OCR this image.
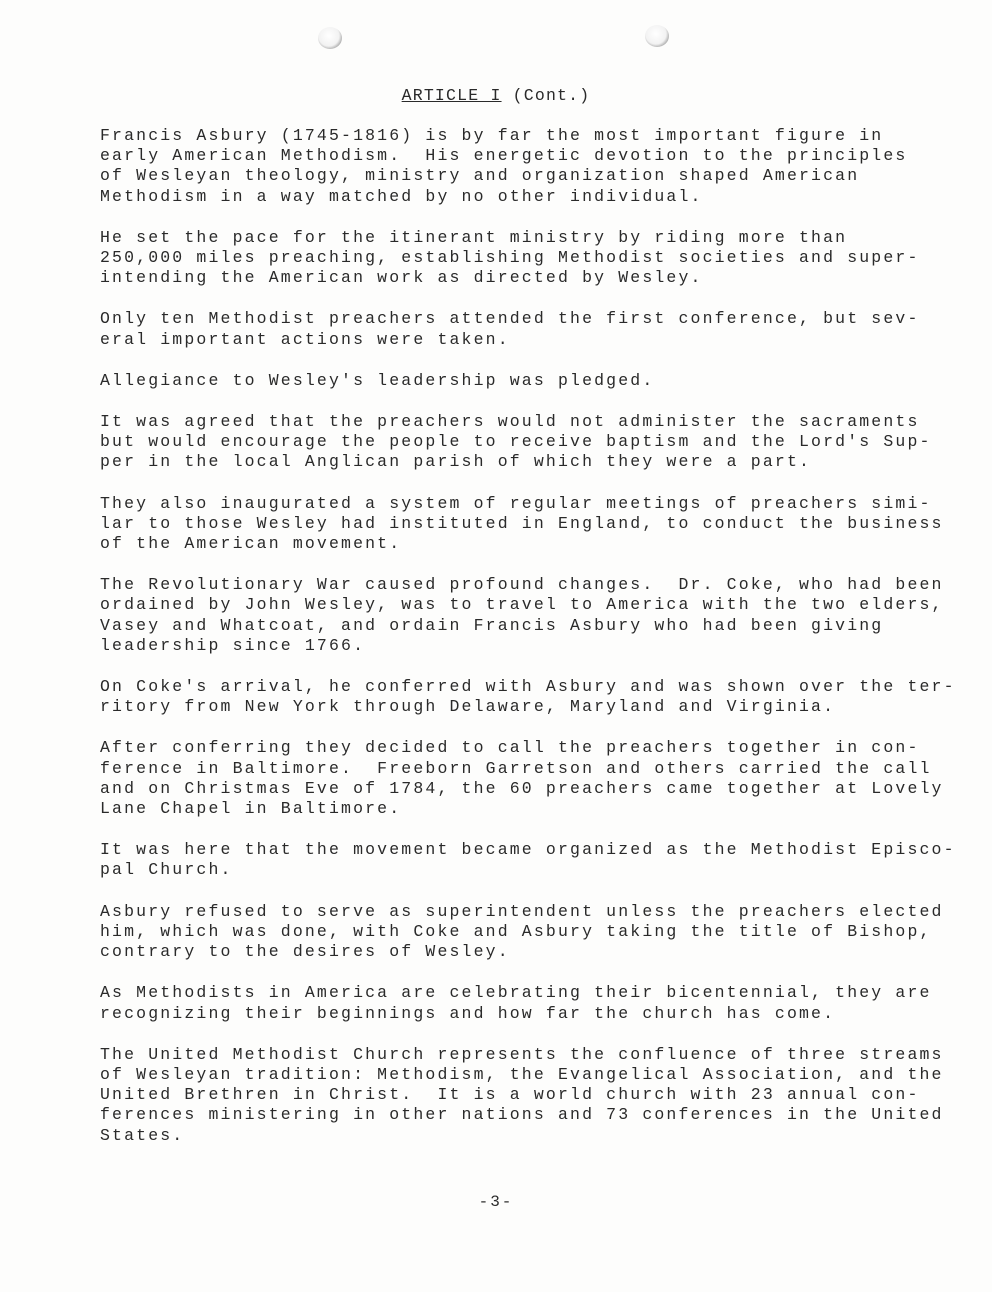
ARTICLE I (Cont.)

Francis Asbury (1745-1816) is by far the most important figure in
early American Methodism.  His energetic devotion to the principles
of Wesleyan theology, ministry and organization shaped American
Methodism in a way matched by no other individual.

He set the pace for the itinerant ministry by riding more than
250,000 miles preaching, establishing Methodist societies and super-
intending the American work as directed by Wesley.

Only ten Methodist preachers attended the first conference, but sev-
eral important actions were taken.

Allegiance to Wesley's leadership was pledged.

It was agreed that the preachers would not administer the sacraments
but would encourage the people to receive baptism and the Lord's Sup-
per in the local Anglican parish of which they were a part.

They also inaugurated a system of regular meetings of preachers simi-
lar to those Wesley had instituted in England, to conduct the business
of the American movement.

The Revolutionary War caused profound changes.  Dr. Coke, who had been
ordained by John Wesley, was to travel to America with the two elders,
Vasey and Whatcoat, and ordain Francis Asbury who had been giving
leadership since 1766.

On Coke's arrival, he conferred with Asbury and was shown over the ter-
ritory from New York through Delaware, Maryland and Virginia.

After conferring they decided to call the preachers together in con-
ference in Baltimore.  Freeborn Garretson and others carried the call
and on Christmas Eve of 1784, the 60 preachers came together at Lovely
Lane Chapel in Baltimore.

It was here that the movement became organized as the Methodist Episco-
pal Church.

Asbury refused to serve as superintendent unless the preachers elected
him, which was done, with Coke and Asbury taking the title of Bishop,
contrary to the desires of Wesley.

As Methodists in America are celebrating their bicentennial, they are
recognizing their beginnings and how far the church has come.

The United Methodist Church represents the confluence of three streams
of Wesleyan tradition: Methodism, the Evangelical Association, and the
United Brethren in Christ.  It is a world church with 23 annual con-
ferences ministering in other nations and 73 conferences in the United
States.

-3-
